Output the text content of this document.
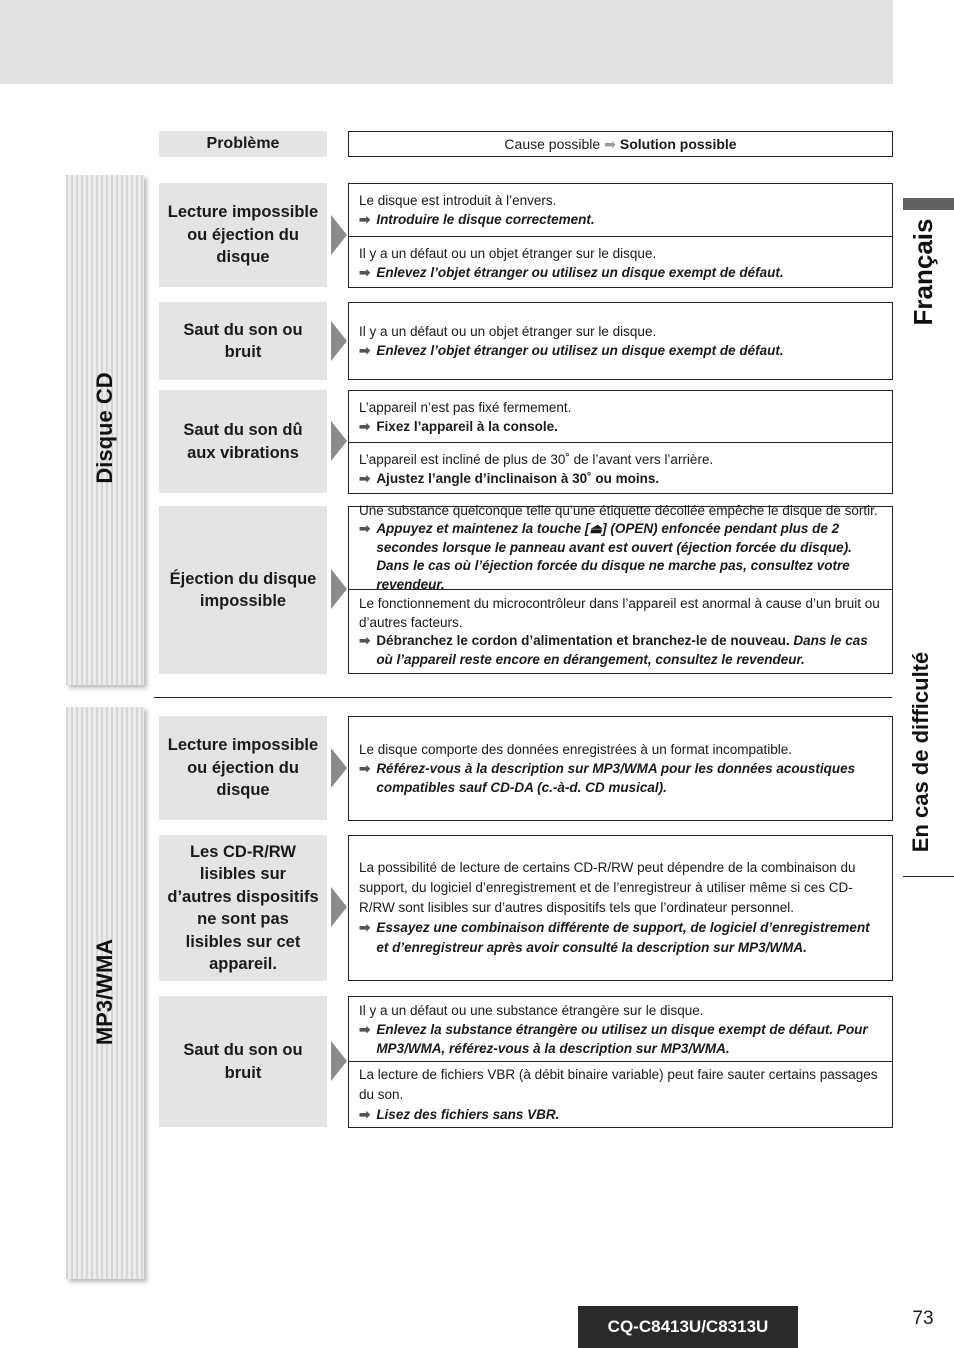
Problème	Cause possible ➡ Solution possible
Disque CD
MP3/WMA
Lecture impossible ou éjection du disque
Le disque est introduit à l’envers.
➡ Introduire le disque correctement.
Il y a un défaut ou un objet étranger sur le disque.
➡ Enlevez l’objet étranger ou utilisez un disque exempt de défaut.
Saut du son ou bruit
Il y a un défaut ou un objet étranger sur le disque.
➡ Enlevez l’objet étranger ou utilisez un disque exempt de défaut.
Saut du son dû aux vibrations
L’appareil n’est pas fixé fermement.
➡ Fixez l’appareil à la console.
L’appareil est incliné de plus de 30˚ de l’avant vers l’arrière.
➡ Ajustez l’angle d’inclinaison à 30˚ ou moins.
Éjection du disque impossible
Une substance quelconque telle qu’une étiquette décollée empêche le disque de sortir.
➡ Appuyez et maintenez la touche [⏏] (OPEN) enfoncée pendant plus de 2 secondes lorsque le panneau avant est ouvert (éjection forcée du disque). Dans le cas où l’éjection forcée du disque ne marche pas, consultez votre revendeur.
Le fonctionnement du microcontrôleur dans l’appareil est anormal à cause d’un bruit ou d’autres facteurs.
➡ Débranchez le cordon d’alimentation et branchez-le de nouveau. Dans le cas où l’appareil reste encore en dérangement, consultez le revendeur.
Lecture impossible ou éjection du disque
Le disque comporte des données enregistrées à un format incompatible.
➡ Référez-vous à la description sur MP3/WMA pour les données acoustiques compatibles sauf CD-DA (c.-à-d. CD musical).
Les CD-R/RW lisibles sur d’autres dispositifs ne sont pas lisibles sur cet appareil.
La possibilité de lecture de certains CD-R/RW peut dépendre de la combinaison du support, du logiciel d’enregistrement et de l’enregistreur à utiliser même si ces CD-R/RW sont lisibles sur d’autres dispositifs tels que l’ordinateur personnel.
➡ Essayez une combinaison différente de support, de logiciel d’enregistrement et d’enregistreur après avoir consulté la description sur MP3/WMA.
Saut du son ou bruit
Il y a un défaut ou une substance étrangère sur le disque.
➡ Enlevez la substance étrangère ou utilisez un disque exempt de défaut. Pour MP3/WMA, référez-vous à la description sur MP3/WMA.
La lecture de fichiers VBR (à débit binaire variable) peut faire sauter certains passages du son.
➡ Lisez des fichiers sans VBR.
Français
En cas de difficulté
CQ-C8413U/C8313U	73
